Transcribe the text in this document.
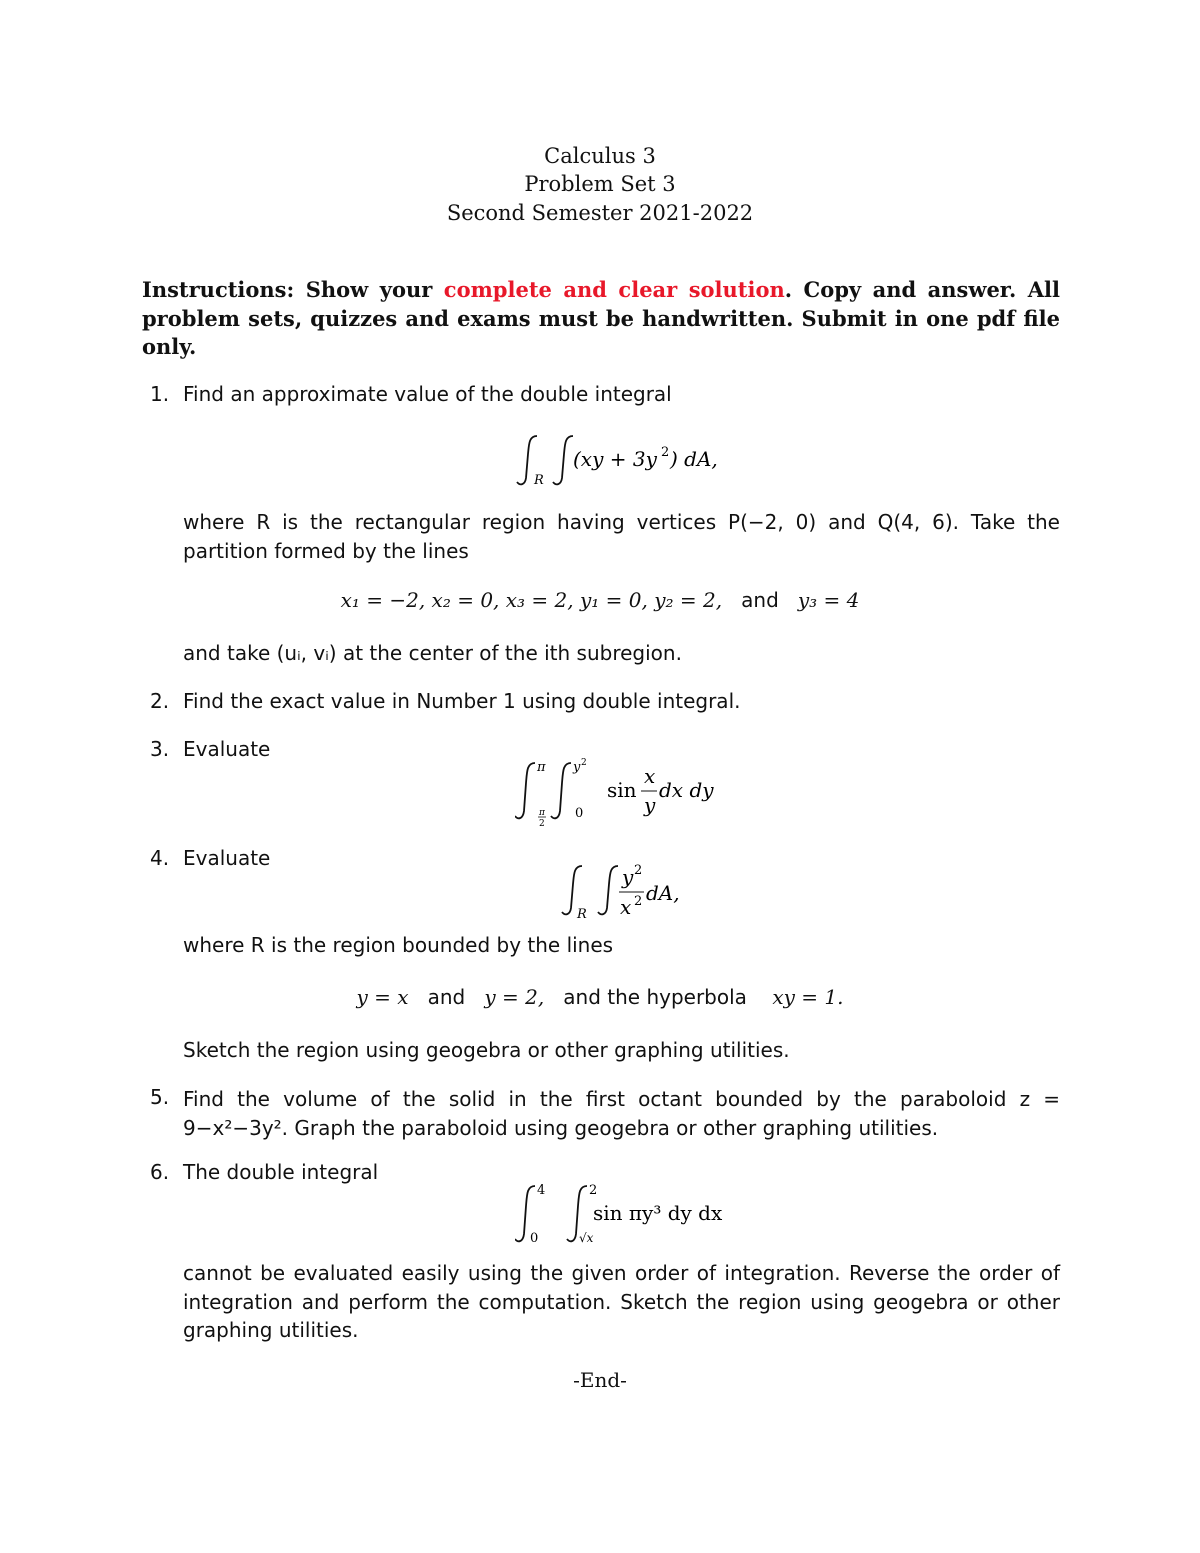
Calculus 3
Problem Set 3
Second Semester 2021-2022
Instructions: Show your complete and clear solution. Copy and answer. All problem sets, quizzes and exams must be handwritten. Submit in one pdf file only.
1. Find an approximate value of the double integral
R
(xy + 3y 2 ) dA,
where R is the rectangular region having vertices P(−2, 0) and Q(4, 6). Take the partition formed by the lines
x₁ = −2, x₂ = 0, x₃ = 2, y₁ = 0, y₂ = 2, and y₃ = 4
and take (uᵢ, vᵢ) at the center of the ith subregion.
2. Find the exact value in Number 1 using double integral.
3. Evaluate
π
π
2
y 2
0
sin
x
y
dx dy
4. Evaluate
R
y 2
x 2 dA,
where R is the region bounded by the lines
y = x and y = 2, and the hyperbola xy = 1.
Sketch the region using geogebra or other graphing utilities.
5. Find the volume of the solid in the first octant bounded by the paraboloid z = 9−x²−3y². Graph the paraboloid using geogebra or other graphing utilities.
6. The double integral
4
0
2
√x
sin πy³ dy dx
cannot be evaluated easily using the given order of integration. Reverse the order of integration and perform the computation. Sketch the region using geogebra or other graphing utilities.
-End-
